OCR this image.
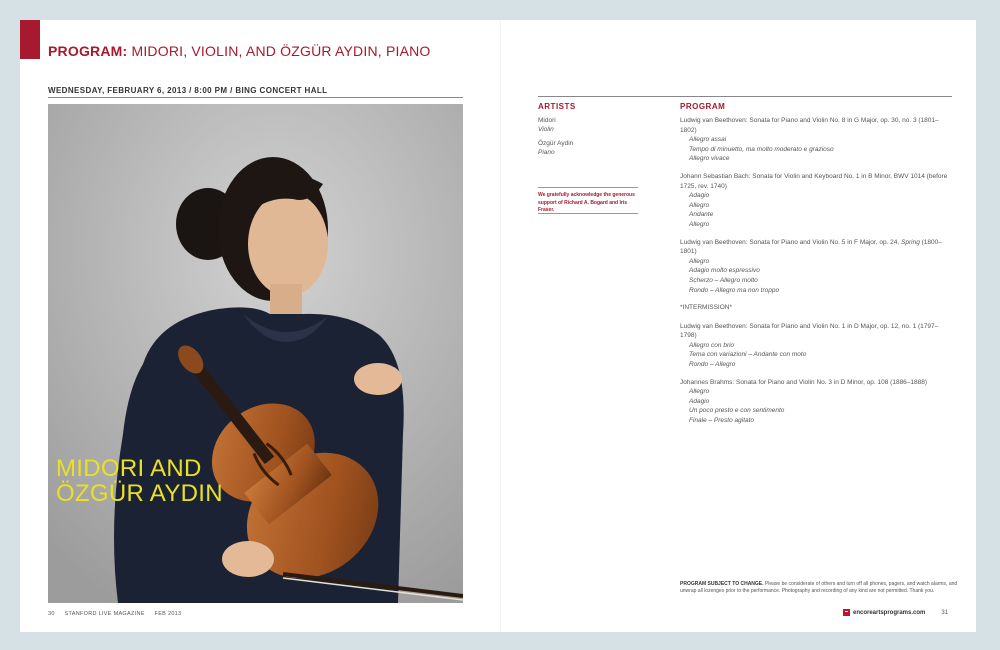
PROGRAM: MIDORI, VIOLIN, AND ÖZGÜR AYDIN, PIANO
WEDNESDAY, FEBRUARY 6, 2013 / 8:00 PM / BING CONCERT HALL
MIDORI AND
ÖZGÜR AYDIN
ARTISTS
Midori
Violin
Özgür Aydin
Piano
We gratefully acknowledge the generous support of Richard A. Bogard and Iris Fraser.
PROGRAM
Ludwig van Beethoven: Sonata for Piano and Violin No. 8 in G Major, op. 30, no. 3 (1801–1802)
Allegro assai
Tempo di minuetto, ma molto moderato e grazioso
Allegro vivace
Johann Sebastian Bach: Sonata for Violin and Keyboard No. 1 in B Minor, BWV 1014 (before 1725, rev. 1740)
Adagio
Allegro
Andante
Allegro
Ludwig van Beethoven: Sonata for Piano and Violin No. 5 in F Major, op. 24, Spring (1800–1801)
Allegro
Adagio molto espressivo
Scherzo – Allegro molto
Rondo – Allegro ma non troppo
*INTERMISSION*
Ludwig van Beethoven: Sonata for Piano and Violin No. 1 in D Major, op. 12, no. 1 (1797–1798)
Allegro con brio
Tema con variazioni – Andante con moto
Rondo – Allegro
Johannes Brahms: Sonata for Piano and Violin No. 3 in D Minor, op. 108 (1886–1888)
Allegro
Adagio
Un poco presto e con sentimento
Finale – Presto agitato
PROGRAM SUBJECT TO CHANGE. Please be considerate of others and turn off all phones, pagers, and watch alarms, and unwrap all lozenges prior to the performance. Photography and recording of any kind are not permitted. Thank you.
30 STANFORD LIVE MAGAZINE FEB 2013	encoreartsprograms.com	31
